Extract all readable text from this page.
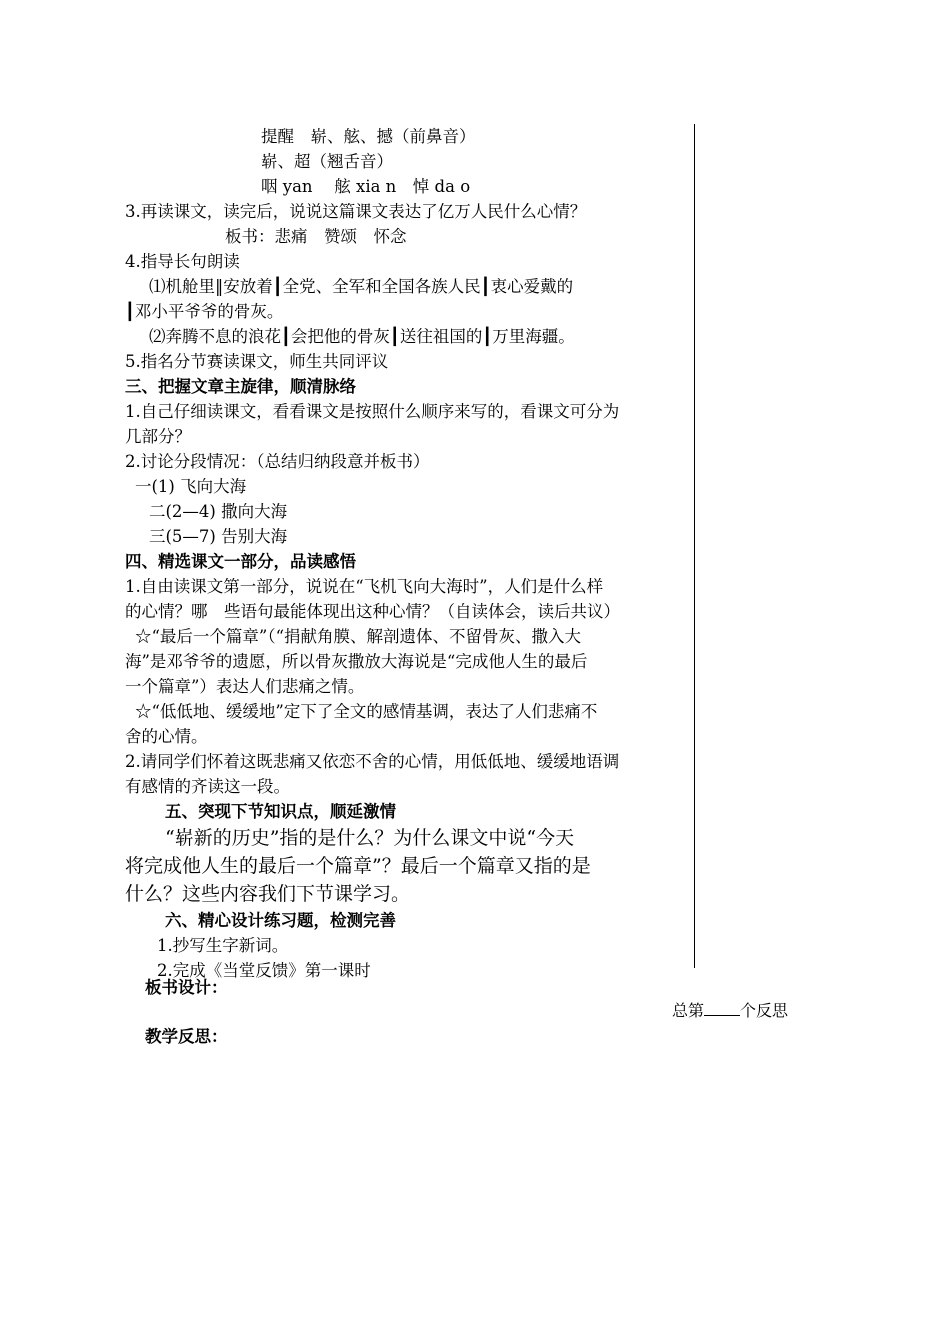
提醒　崭、舷、撼（前鼻音）
崭、超（翘舌音）
咽 yan　 舷 xia n　悼 da o
3.再读课文，读完后，说说这篇课文表达了亿万人民什么心情？
板书：悲痛　赞颂　怀念
4.指导长句朗读
⑴机舱里‖安放着┃全党、全军和全国各族人民┃衷心爱戴的
┃邓小平爷爷的骨灰。
⑵奔腾不息的浪花┃会把他的骨灰┃送往祖国的┃万里海疆。
5.指名分节赛读课文，师生共同评议
三、把握文章主旋律，顺清脉络
1.自己仔细读课文，看看课文是按照什么顺序来写的，看课文可分为
几部分？
2.讨论分段情况：（总结归纳段意并板书）
一(1) 飞向大海
二(2—4) 撒向大海
三(5—7) 告别大海
四、精选课文一部分，品读感悟
1.自由读课文第一部分，说说在“飞机飞向大海时”，人们是什么样
的心情？哪　些语句最能体现出这种心情？（自读体会，读后共议）
☆“最后一个篇章”（“捐献角膜、解剖遗体、不留骨灰、撒入大
海”是邓爷爷的遗愿，所以骨灰撒放大海说是“完成他人生的最后
一个篇章”）表达人们悲痛之情。
☆“低低地、缓缓地”定下了全文的感情基调，表达了人们悲痛不
舍的心情。
2.请同学们怀着这既悲痛又依恋不舍的心情，用低低地、缓缓地语调
有感情的齐读这一段。
五、突现下节知识点，顺延激情
“崭新的历史”指的是什么？为什么课文中说“今天
将完成他人生的最后一个篇章”？最后一个篇章又指的是
什么？这些内容我们下节课学习。
六、精心设计练习题，检测完善
1.抄写生字新词。
2.完成《当堂反馈》第一课时
板书设计：
总第 个反思
教学反思：
